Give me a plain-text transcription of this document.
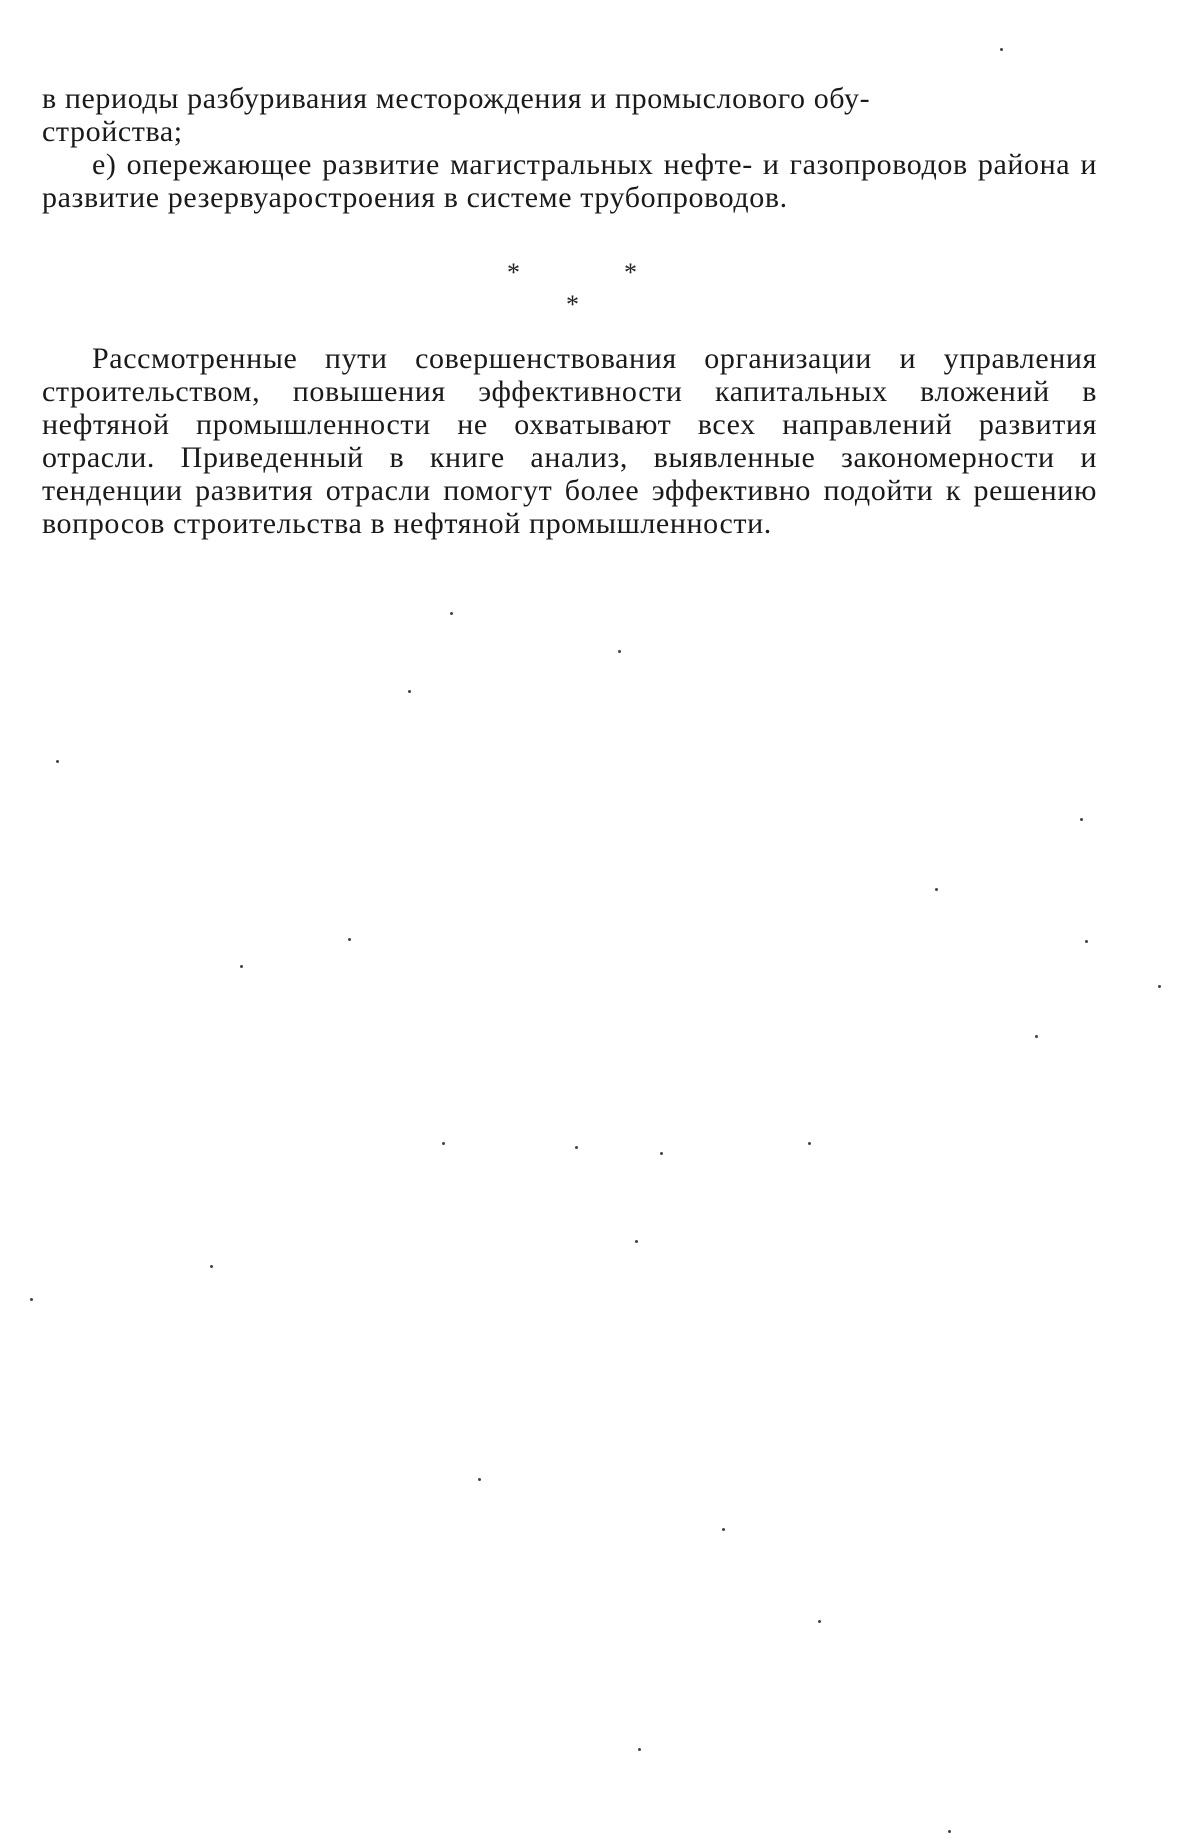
в периоды разбуривания месторождения и промыслового обу-

стройства;

е) опережающее развитие магистральных нефте- и газопроводов района и развитие резервуаростроения в системе трубопроводов.

*	*
*

Рассмотренные пути совершенствования организации и управления строительством, повышения эффективности капитальных вложений в нефтяной промышленности не охватывают всех направлений развития отрасли. Приведенный в книге анализ, выявленные закономерности и тенденции развития отрасли помогут более эффективно подойти к решению вопросов строительства в нефтяной промышленности.
